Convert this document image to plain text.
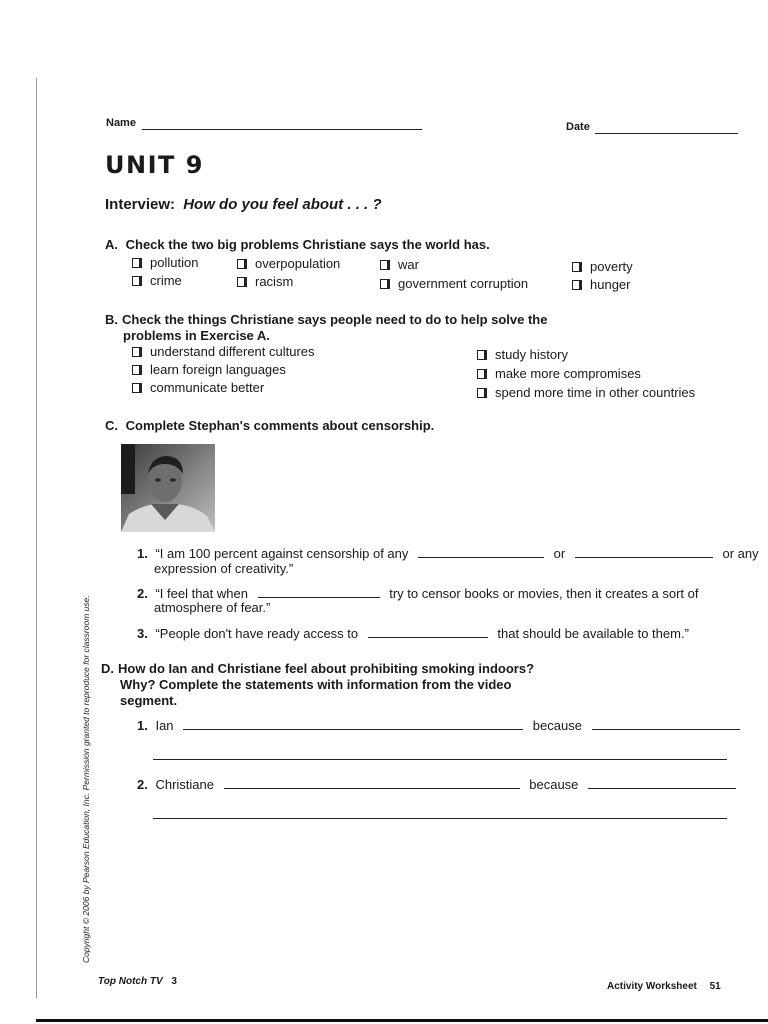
Name	Date
UNIT 9
Interview: How do you feel about . . . ?
A. Check the two big problems Christiane says the world has.
pollution
crime
overpopulation
racism
war
government corruption
poverty
hunger
B. Check the things Christiane says people need to do to help solve the
problems in Exercise A.
understand different cultures
learn foreign languages
communicate better
study history
make more compromises
spend more time in other countries
C. Complete Stephan's comments about censorship.
1. “I am 100 percent against censorship of any	or	or any
expression of creativity.”
2. “I feel that when	try to censor books or movies, then it creates a sort of
atmosphere of fear.”
3. “People don't have ready access to	that should be available to them.”
D. How do Ian and Christiane feel about prohibiting smoking indoors?
Why? Complete the statements with information from the video
segment.
1. Ian	because
2. Christiane	because
Copyright © 2006 by Pearson Education, Inc. Permission granted to reproduce for classroom use.
Top Notch TV 3	Activity Worksheet 51
